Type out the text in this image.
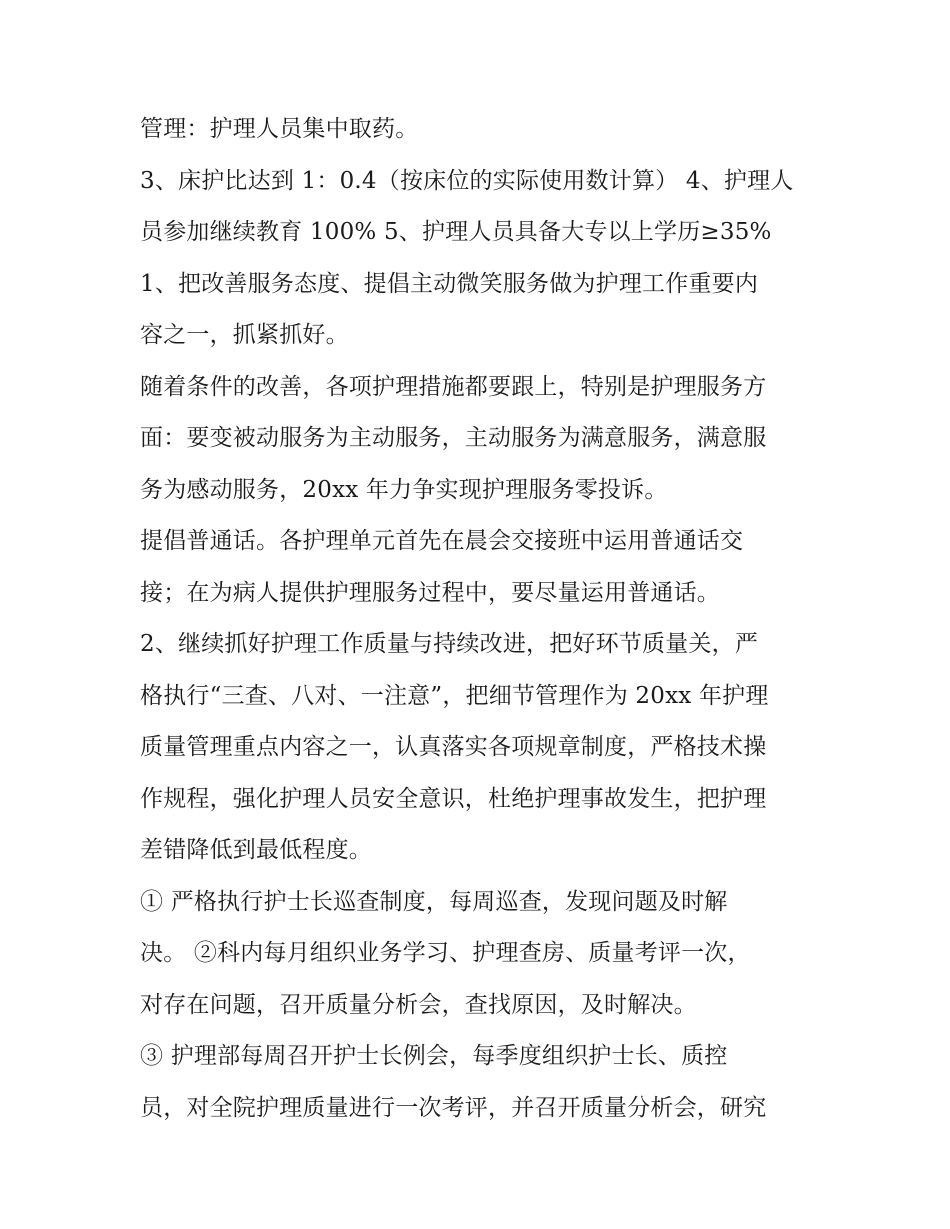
管理：护理人员集中取药。
3、床护比达到 1：0.4（按床位的实际使用数计算） 4、护理人
员参加继续教育 100% 5、护理人员具备大专以上学历≥35%
1、把改善服务态度、提倡主动微笑服务做为护理工作重要内
容之一，抓紧抓好。
随着条件的改善，各项护理措施都要跟上，特别是护理服务方
面：要变被动服务为主动服务，主动服务为满意服务，满意服
务为感动服务，20xx 年力争实现护理服务零投诉。
提倡普通话。各护理单元首先在晨会交接班中运用普通话交
接；在为病人提供护理服务过程中，要尽量运用普通话。
2、继续抓好护理工作质量与持续改进，把好环节质量关，严
格执行“三查、八对、一注意”，把细节管理作为 20xx 年护理
质量管理重点内容之一，认真落实各项规章制度，严格技术操
作规程，强化护理人员安全意识，杜绝护理事故发生，把护理
差错降低到最低程度。
① 严格执行护士长巡查制度，每周巡查，发现问题及时解
决。 ②科内每月组织业务学习、护理查房、质量考评一次，
对存在问题，召开质量分析会，查找原因，及时解决。
③ 护理部每周召开护士长例会，每季度组织护士长、质控
员，对全院护理质量进行一次考评，并召开质量分析会，研究
